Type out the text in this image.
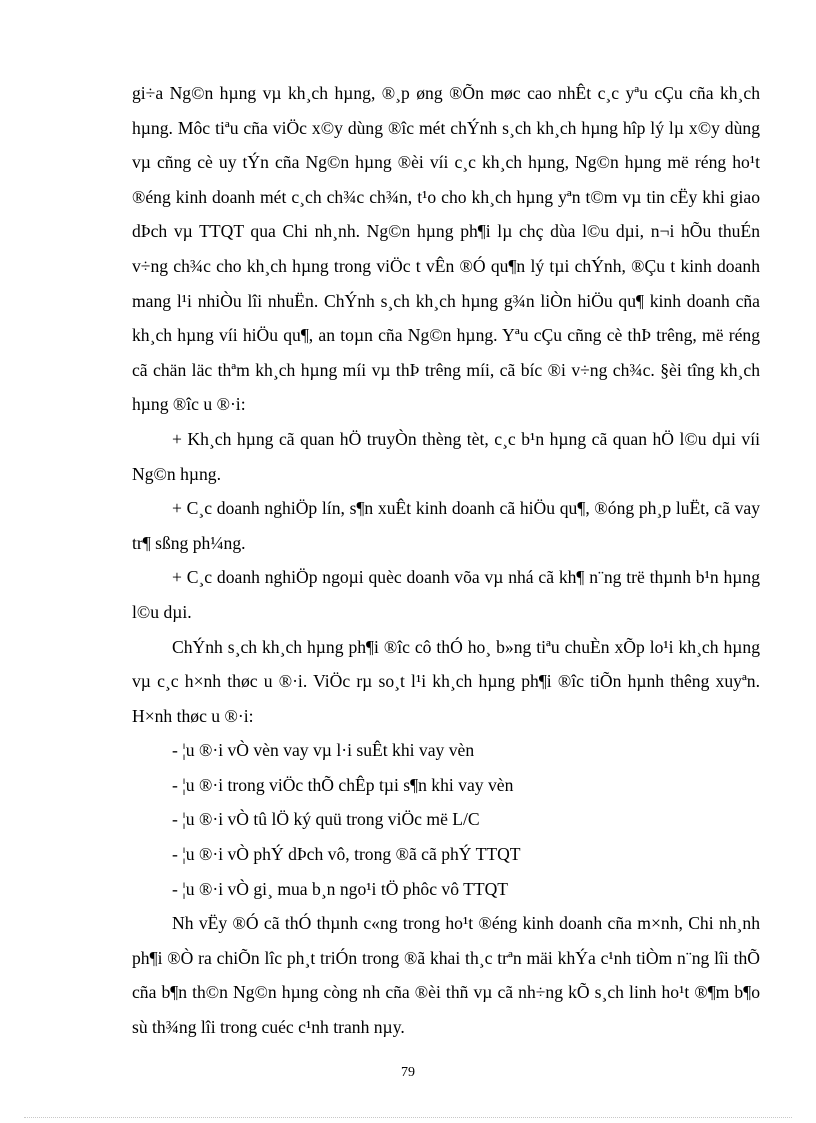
gi÷a Ng©n hµng vµ kh¸ch hµng, ®¸p øng ®Õn møc cao nhÊt c¸c yªu cÇu cña kh¸ch hµng. Môc tiªu cña viÖc x©y dùng ®îc mét chÝnh s¸ch kh¸ch hµng hîp lý lµ x©y dùng vµ cñng cè uy tÝn cña Ng©n hµng ®èi víi c¸c kh¸ch hµng, Ng©n hµng më réng ho¹t ®éng kinh doanh mét c¸ch ch¾c ch¾n, t¹o cho kh¸ch hµng yªn t©m vµ tin cËy khi giao dÞch vµ TTQT qua Chi nh¸nh. Ng©n hµng ph¶i lµ chç dùa l©u dµi, n¬i hÕu thuÉn v÷ng ch¾c cho kh¸ch hµng trong viÖc t vÊn ®Ó qu¶n lý tµi chÝnh, ®Çu t kinh doanh mang l¹i nhiÒu lîi nhuËn. ChÝnh s¸ch kh¸ch hµng g¾n liÒn hiÖu qu¶ kinh doanh cña kh¸ch hµng víi hiÖu qu¶, an toµn cña Ng©n hµng. Yªu cÇu cñng cè thÞ trêng, më réng cã chän läc thªm kh¸ch hµng míi vµ thÞ trêng míi, cã bíc ®i v÷ng ch¾c. §èi tîng kh¸ch hµng ®îc u ®·i:

+ Kh¸ch hµng cã quan hÖ truyÒn thèng tèt, c¸c b¹n hµng cã quan hÖ l©u dµi víi Ng©n hµng.

+ C¸c doanh nghiÖp lín, s¶n xuÊt kinh doanh cã hiÖu qu¶, ®óng ph¸p luËt, cã vay tr¶ sßng ph¼ng.

+ C¸c doanh nghiÖp ngoµi quèc doanh võa vµ nhá cã kh¶ n¨ng trë thµnh b¹n hµng l©u dµi.

ChÝnh s¸ch kh¸ch hµng ph¶i ®îc cô thÓ ho¸ b»ng tiªu chuÈn xÕp lo¹i kh¸ch hµng vµ c¸c h×nh thøc u ®·i. ViÖc rµ so¸t l¹i kh¸ch hµng ph¶i ®îc tiÕn hµnh thêng xuyªn. H×nh thøc u ®·i:

- ¦u ®·i vÒ vèn vay vµ l·i suÊt khi vay vèn

- ¦u ®·i trong viÖc thÕ chÊp tµi s¶n khi vay vèn

- ¦u ®·i vÒ tû lÖ ký quü trong viÖc më L/C

- ¦u ®·i vÒ phÝ dÞch vô, trong ®ã cã phÝ TTQT

- ¦u ®·i vÒ gi¸ mua b¸n ngo¹i tÖ phôc vô TTQT

Nh vËy ®Ó cã thÓ thµnh c«ng trong ho¹t ®éng kinh doanh cña m×nh, Chi nh¸nh ph¶i ®Ò ra chiÕn lîc ph¸t triÓn trong ®ã khai th¸c trªn mäi khÝa c¹nh tiÒm n¨ng lîi thÕ cña b¶n th©n Ng©n hµng còng nh cña ®èi thñ vµ cã nh÷ng kÕ s¸ch linh ho¹t ®¶m b¶o sù th¾ng lîi trong cuéc c¹nh tranh nµy.

79
